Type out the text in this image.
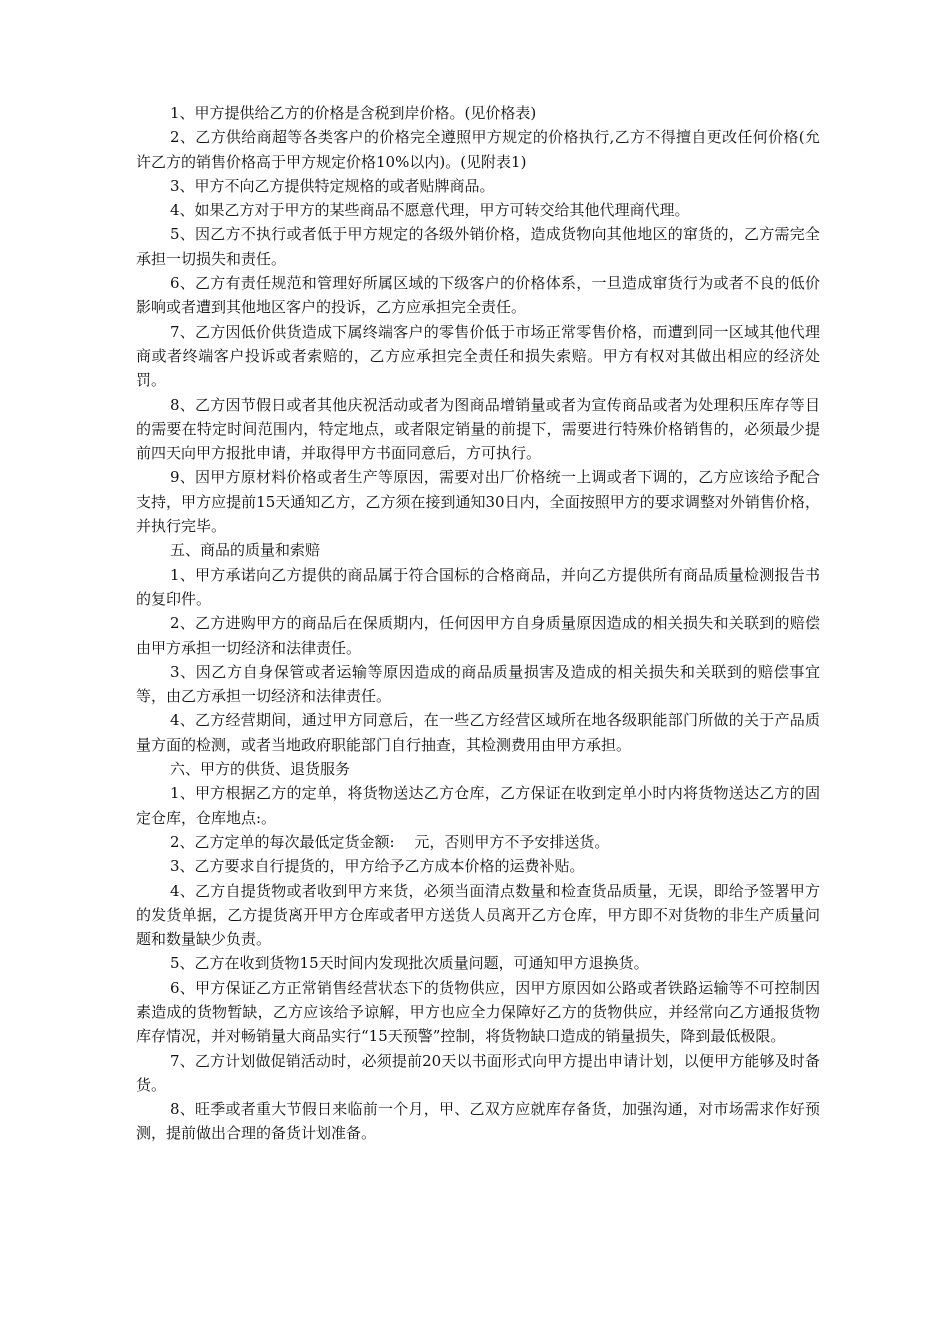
1、甲方提供给乙方的价格是含税到岸价格。(见价格表)

2、乙方供给商超等各类客户的价格完全遵照甲方规定的价格执行,乙方不得擅自更改任何价格(允许乙方的销售价格高于甲方规定价格10%以内)。(见附表1)

3、甲方不向乙方提供特定规格的或者贴牌商品。

4、如果乙方对于甲方的某些商品不愿意代理，甲方可转交给其他代理商代理。

5、因乙方不执行或者低于甲方规定的各级外销价格，造成货物向其他地区的窜货的，乙方需完全承担一切损失和责任。

6、乙方有责任规范和管理好所属区域的下级客户的价格体系，一旦造成窜货行为或者不良的低价影响或者遭到其他地区客户的投诉，乙方应承担完全责任。

7、乙方因低价供货造成下属终端客户的零售价低于市场正常零售价格，而遭到同一区域其他代理商或者终端客户投诉或者索赔的，乙方应承担完全责任和损失索赔。甲方有权对其做出相应的经济处罚。

8、乙方因节假日或者其他庆祝活动或者为图商品增销量或者为宣传商品或者为处理积压库存等目的需要在特定时间范围内，特定地点，或者限定销量的前提下，需要进行特殊价格销售的，必须最少提前四天向甲方报批申请，并取得甲方书面同意后，方可执行。

9、因甲方原材料价格或者生产等原因，需要对出厂价格统一上调或者下调的，乙方应该给予配合支持，甲方应提前15天通知乙方，乙方须在接到通知30日内，全面按照甲方的要求调整对外销售价格，并执行完毕。

五、商品的质量和索赔

1、甲方承诺向乙方提供的商品属于符合国标的合格商品，并向乙方提供所有商品质量检测报告书的复印件。

2、乙方进购甲方的商品后在保质期内，任何因甲方自身质量原因造成的相关损失和关联到的赔偿由甲方承担一切经济和法律责任。

3、因乙方自身保管或者运输等原因造成的商品质量损害及造成的相关损失和关联到的赔偿事宜等，由乙方承担一切经济和法律责任。

4、乙方经营期间，通过甲方同意后，在一些乙方经营区域所在地各级职能部门所做的关于产品质量方面的检测，或者当地政府职能部门自行抽查，其检测费用由甲方承担。

六、甲方的供货、退货服务

1、甲方根据乙方的定单，将货物送达乙方仓库，乙方保证在收到定单小时内将货物送达乙方的固定仓库，仓库地点:。

2、乙方定单的每次最低定货金额:　 元，否则甲方不予安排送货。

3、乙方要求自行提货的，甲方给予乙方成本价格的运费补贴。

4、乙方自提货物或者收到甲方来货，必须当面清点数量和检查货品质量，无误，即给予签署甲方的发货单据，乙方提货离开甲方仓库或者甲方送货人员离开乙方仓库，甲方即不对货物的非生产质量问题和数量缺少负责。

5、乙方在收到货物15天时间内发现批次质量问题，可通知甲方退换货。

6、甲方保证乙方正常销售经营状态下的货物供应，因甲方原因如公路或者铁路运输等不可控制因素造成的货物暂缺，乙方应该给予谅解，甲方也应全力保障好乙方的货物供应，并经常向乙方通报货物库存情况，并对畅销量大商品实行“15天预警”控制，将货物缺口造成的销量损失，降到最低极限。

7、乙方计划做促销活动时，必须提前20天以书面形式向甲方提出申请计划，以便甲方能够及时备货。

8、旺季或者重大节假日来临前一个月，甲、乙双方应就库存备货，加强沟通，对市场需求作好预测，提前做出合理的备货计划准备。
